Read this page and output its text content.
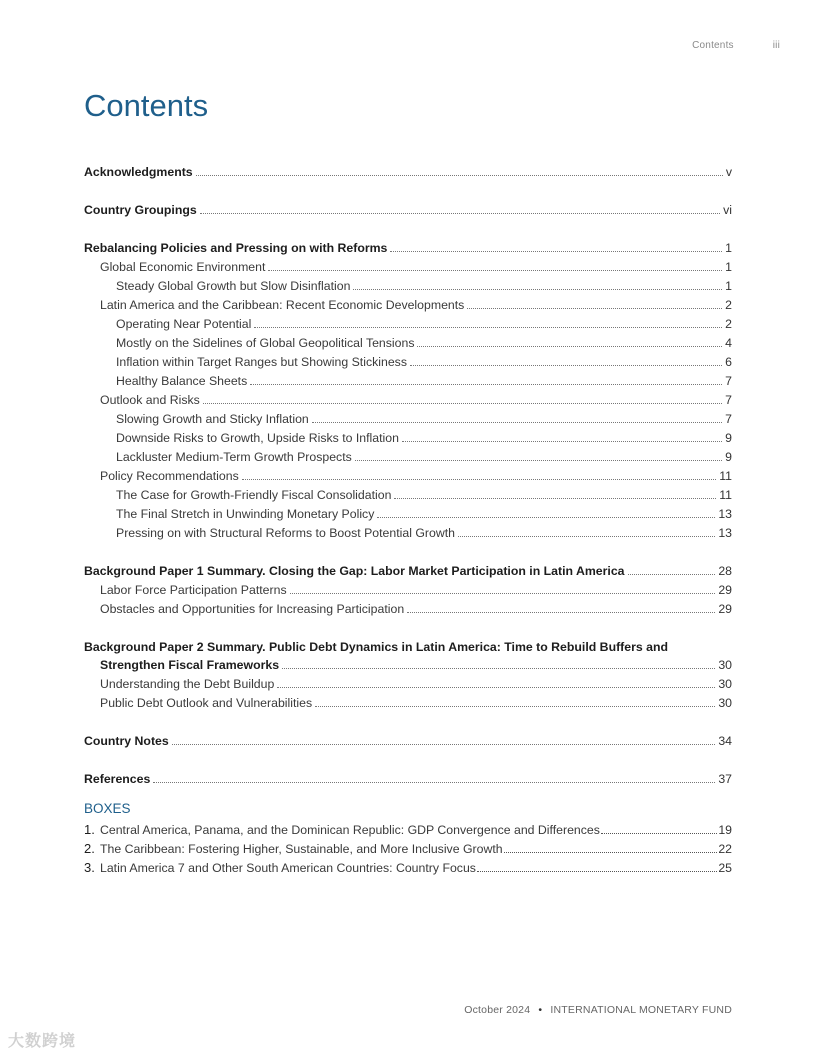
Contents	iii
Contents
Acknowledgments	v
Country Groupings	vi
Rebalancing Policies and Pressing on with Reforms	1
Global Economic Environment	1
Steady Global Growth but Slow Disinflation	1
Latin America and the Caribbean: Recent Economic Developments	2
Operating Near Potential	2
Mostly on the Sidelines of Global Geopolitical Tensions	4
Inflation within Target Ranges but Showing Stickiness	6
Healthy Balance Sheets	7
Outlook and Risks	7
Slowing Growth and Sticky Inflation	7
Downside Risks to Growth, Upside Risks to Inflation	9
Lackluster Medium-Term Growth Prospects	9
Policy Recommendations	11
The Case for Growth-Friendly Fiscal Consolidation	11
The Final Stretch in Unwinding Monetary Policy	13
Pressing on with Structural Reforms to Boost Potential Growth	13
Background Paper 1 Summary. Closing the Gap: Labor Market Participation in Latin America	28
Labor Force Participation Patterns	29
Obstacles and Opportunities for Increasing Participation	29
Background Paper 2 Summary. Public Debt Dynamics in Latin America: Time to Rebuild Buffers and
Strengthen Fiscal Frameworks	30
Understanding the Debt Buildup	30
Public Debt Outlook and Vulnerabilities	30
Country Notes	34
References	37
BOXES
1. Central America, Panama, and the Dominican Republic: GDP Convergence and Differences	19
2. The Caribbean: Fostering Higher, Sustainable, and More Inclusive Growth	22
3. Latin America 7 and Other South American Countries: Country Focus	25
October 2024 • INTERNATIONAL MONETARY FUND
大数跨境
